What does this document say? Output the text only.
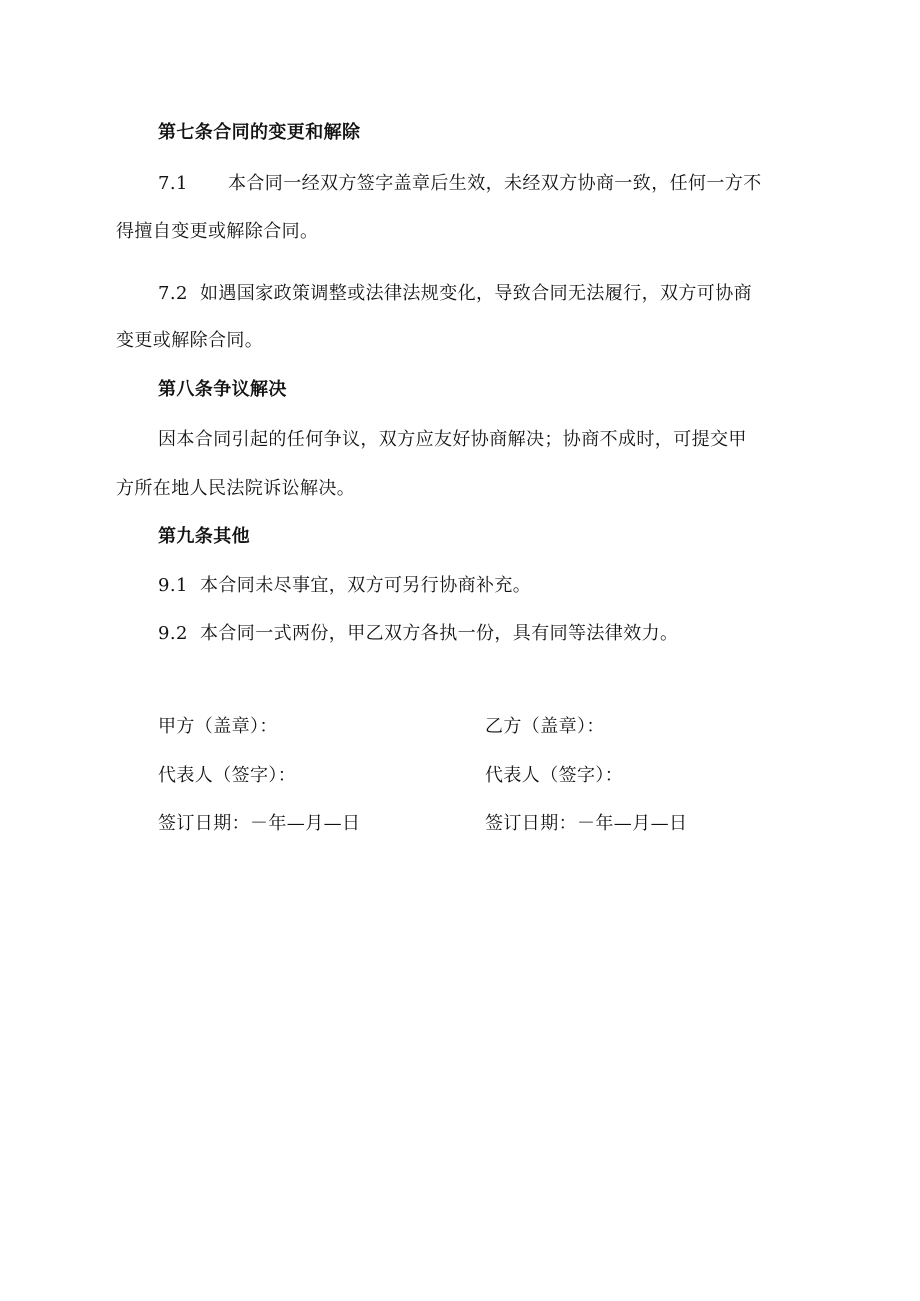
第七条合同的变更和解除
7.1 本合同一经双方签字盖章后生效，未经双方协商一致，任何一方不
得擅自变更或解除合同。
7.2 如遇国家政策调整或法律法规变化，导致合同无法履行，双方可协商
变更或解除合同。
第八条争议解决
因本合同引起的任何争议，双方应友好协商解决；协商不成时，可提交甲
方所在地人民法院诉讼解决。
第九条其他
9.1 本合同未尽事宜，双方可另行协商补充。
9.2 本合同一式两份，甲乙双方各执一份，具有同等法律效力。
甲方（盖章）：	乙方（盖章）：
代表人（签字）：	代表人（签字）：
签订日期：－年—月—日	签订日期：－年—月—日
